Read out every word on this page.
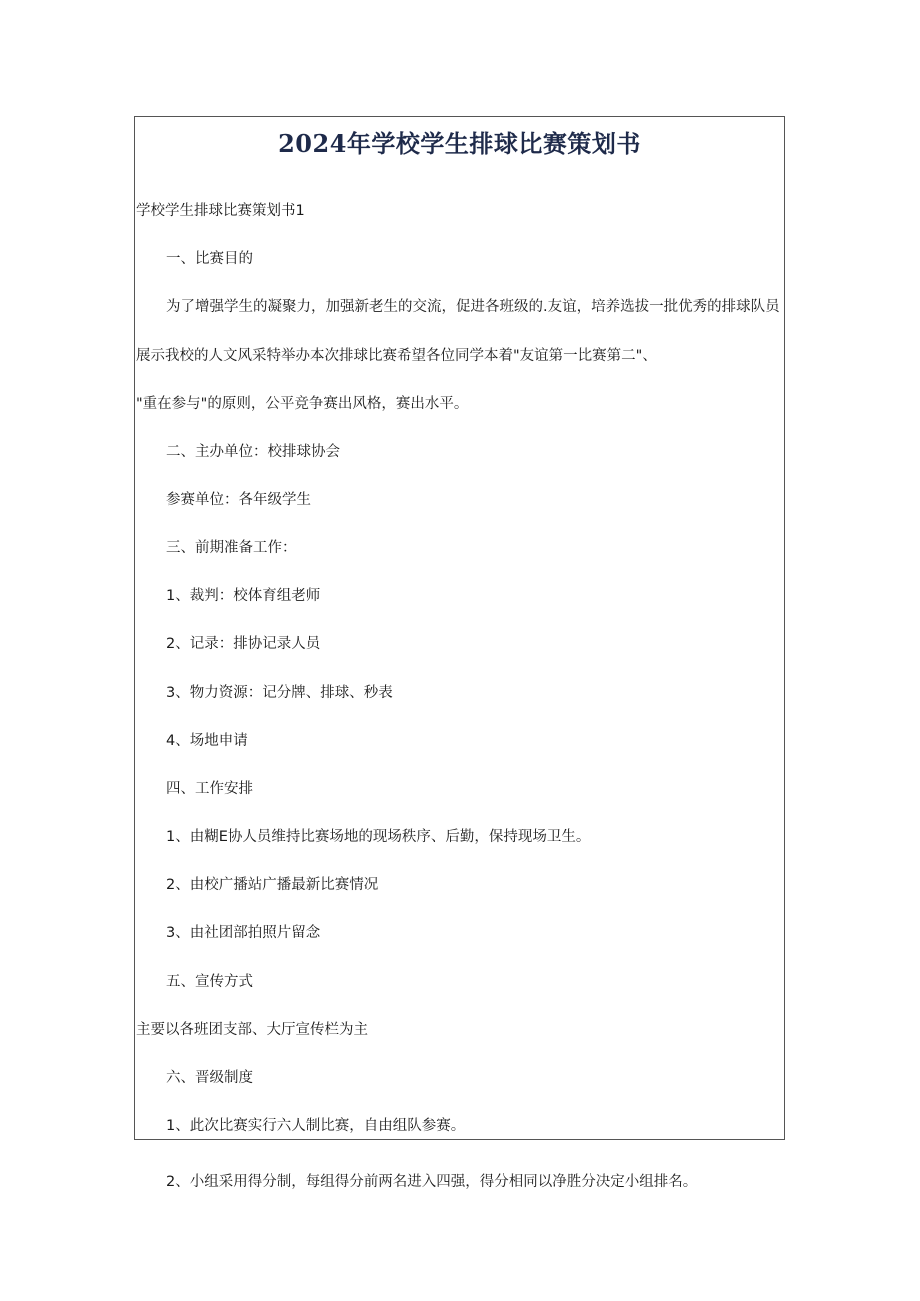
2024年学校学生排球比赛策划书

学校学生排球比赛策划书1

一、比赛目的

为了增强学生的凝聚力，加强新老生的交流，促进各班级的.友谊，培养选拔一批优秀的排球队员

展示我校的人文风采特举办本次排球比赛希望各位同学本着"友谊第一比赛第二"、

"重在参与"的原则，公平竞争赛出风格，赛出水平。

二、主办单位：校排球协会

参赛单位：各年级学生

三、前期准备工作：

1、裁判：校体育组老师

2、记录：排协记录人员

3、物力资源：记分牌、排球、秒表

4、场地申请

四、工作安排

1、由糊E协人员维持比赛场地的现场秩序、后勤，保持现场卫生。

2、由校广播站广播最新比赛情况

3、由社团部拍照片留念

五、宣传方式

主要以各班团支部、大厅宣传栏为主

六、晋级制度

1、此次比赛实行六人制比赛，自由组队参赛。

2、小组采用得分制，每组得分前两名进入四强，得分相同以净胜分决定小组排名。
